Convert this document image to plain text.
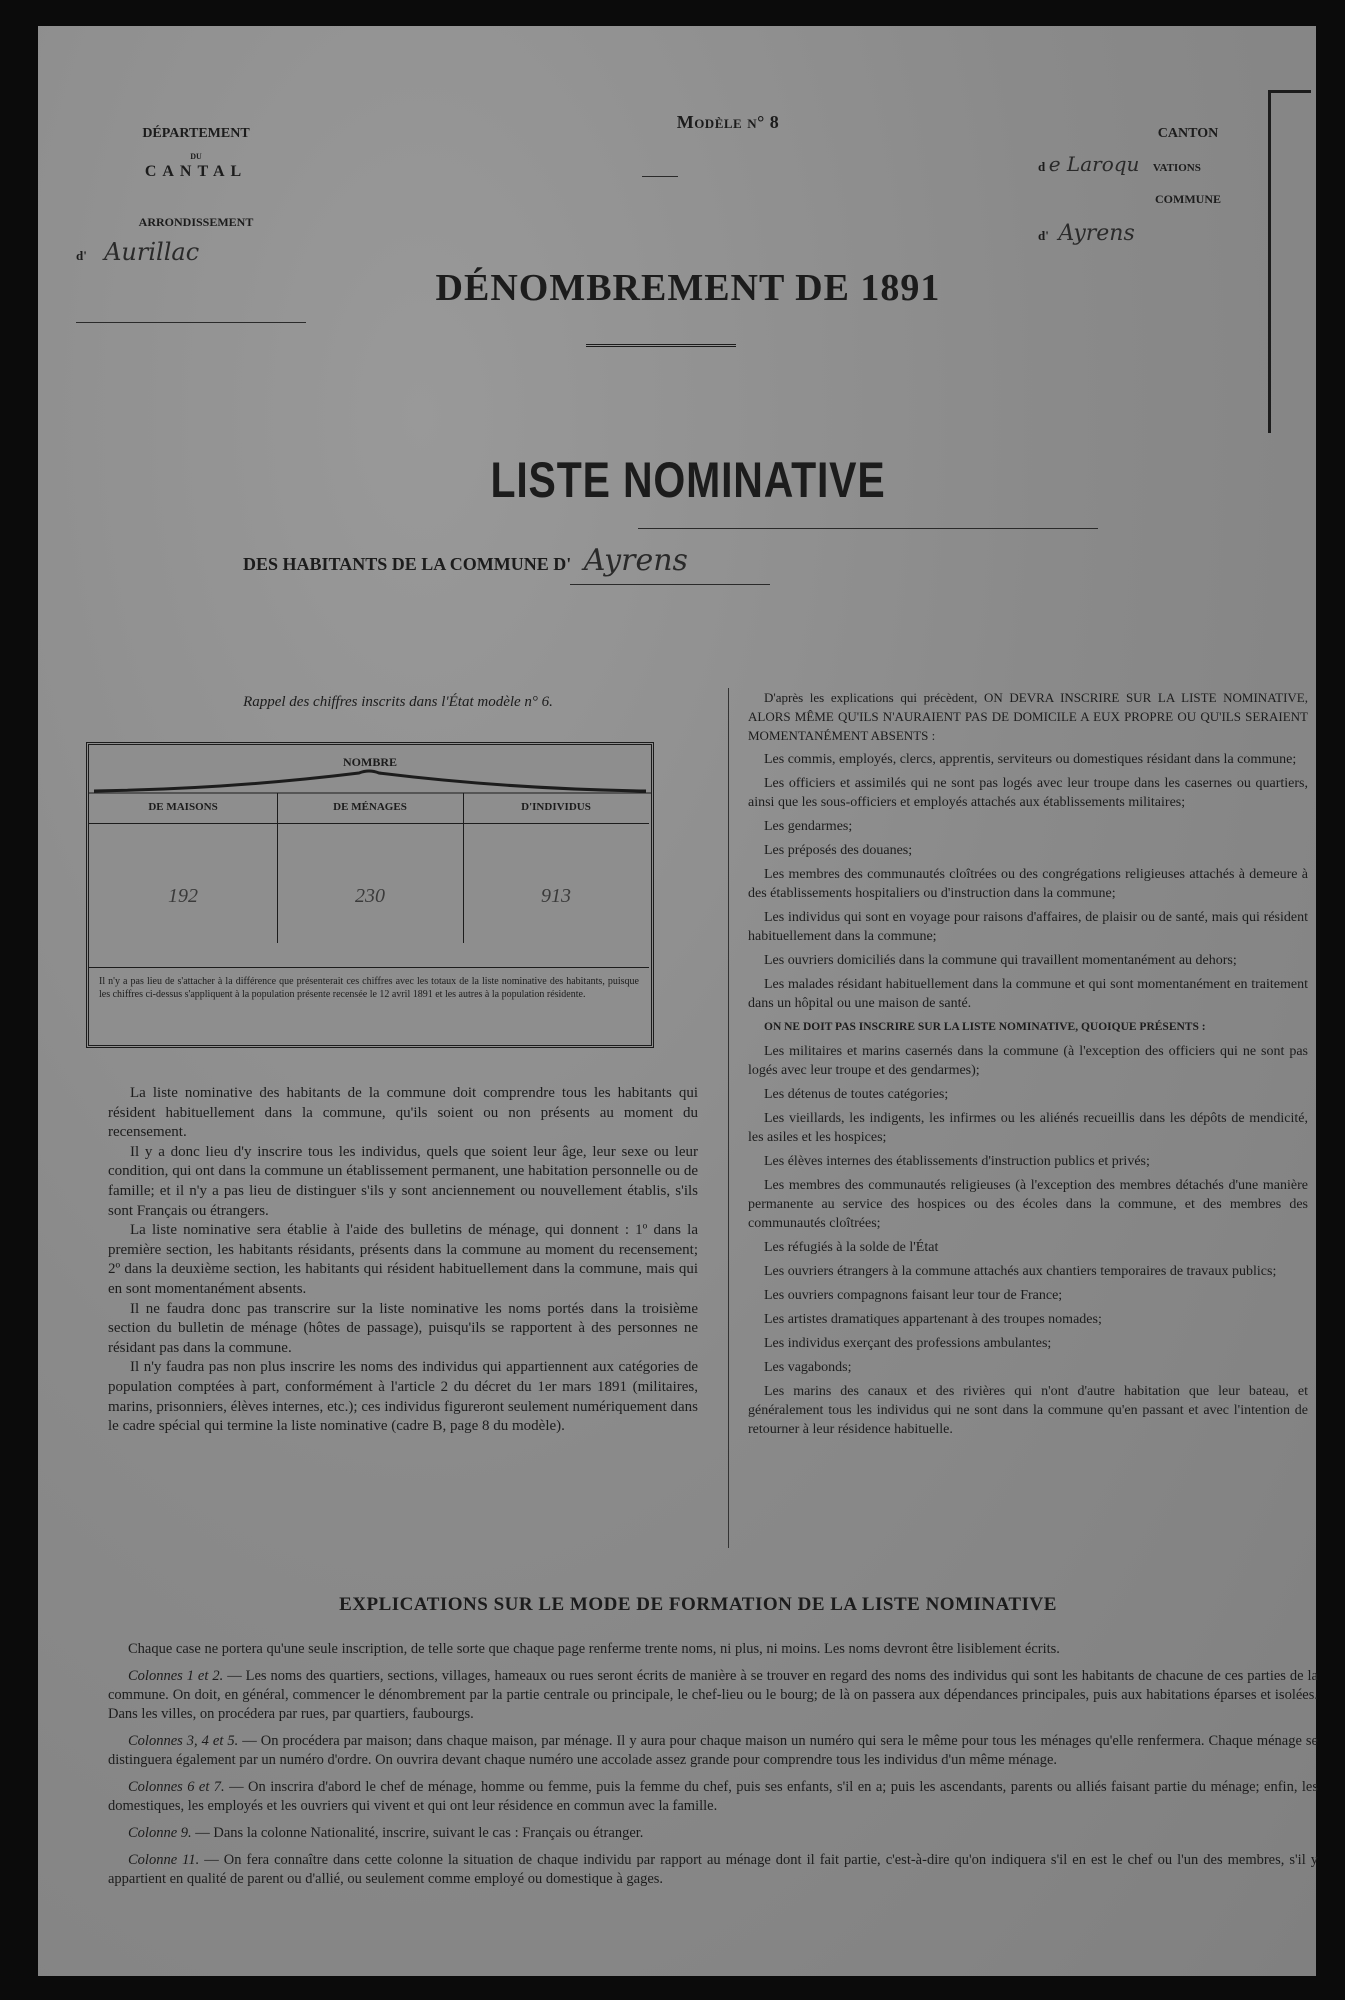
DÉPARTEMENT
DU
CANTAL
ARRONDISSEMENT
d' Aurillac
Modèle n° 8
CANTON
d e Laroqu VATIONS
COMMUNE
d' Ayrens
DÉNOMBREMENT DE 1891
LISTE NOMINATIVE
DES HABITANTS DE LA COMMUNE D' Ayrens
Rappel des chiffres inscrits dans l'État modèle n° 6.
NOMBRE
DE MAISONS	DE MÉNAGES	D'INDIVIDUS
192	230	913
Il n'y a pas lieu de s'attacher à la différence que présenterait ces chiffres avec les totaux de la liste nominative des habitants, puisque les chiffres ci-dessus s'appliquent à la population présente recensée le 12 avril 1891 et les autres à la population résidente.

La liste nominative des habitants de la commune doit comprendre tous les habitants qui résident habituellement dans la commune, qu'ils soient ou non présents au moment du recensement.

Il y a donc lieu d'y inscrire tous les individus, quels que soient leur âge, leur sexe ou leur condition, qui ont dans la commune un établissement permanent, une habitation personnelle ou de famille; et il n'y a pas lieu de distinguer s'ils y sont anciennement ou nouvellement établis, s'ils sont Français ou étrangers.

La liste nominative sera établie à l'aide des bulletins de ménage, qui donnent : 1º dans la première section, les habitants résidants, présents dans la commune au moment du recensement; 2º dans la deuxième section, les habitants qui résident habituellement dans la commune, mais qui en sont momentanément absents.

Il ne faudra donc pas transcrire sur la liste nominative les noms portés dans la troisième section du bulletin de ménage (hôtes de passage), puisqu'ils se rapportent à des personnes ne résidant pas dans la commune.

Il n'y faudra pas non plus inscrire les noms des individus qui appartiennent aux catégories de population comptées à part, conformément à l'article 2 du décret du 1er mars 1891 (militaires, marins, prisonniers, élèves internes, etc.); ces individus figureront seulement numériquement dans le cadre spécial qui termine la liste nominative (cadre B, page 8 du modèle).

D'après les explications qui précèdent, ON DEVRA INSCRIRE SUR LA LISTE NOMINATIVE, ALORS MÊME QU'ILS N'AURAIENT PAS DE DOMICILE A EUX PROPRE OU QU'ILS SERAIENT MOMENTANÉMENT ABSENTS :

Les commis, employés, clercs, apprentis, serviteurs ou domestiques résidant dans la commune;

Les officiers et assimilés qui ne sont pas logés avec leur troupe dans les casernes ou quartiers, ainsi que les sous-officiers et employés attachés aux établissements militaires;

Les gendarmes;

Les préposés des douanes;

Les membres des communautés cloîtrées ou des congrégations religieuses attachés à demeure à des établissements hospitaliers ou d'instruction dans la commune;

Les individus qui sont en voyage pour raisons d'affaires, de plaisir ou de santé, mais qui résident habituellement dans la commune;

Les ouvriers domiciliés dans la commune qui travaillent momentanément au dehors;

Les malades résidant habituellement dans la commune et qui sont momentanément en traitement dans un hôpital ou une maison de santé.

ON NE DOIT PAS INSCRIRE SUR LA LISTE NOMINATIVE, QUOIQUE PRÉSENTS :

Les militaires et marins casernés dans la commune (à l'exception des officiers qui ne sont pas logés avec leur troupe et des gendarmes);

Les détenus de toutes catégories;

Les vieillards, les indigents, les infirmes ou les aliénés recueillis dans les dépôts de mendicité, les asiles et les hospices;

Les élèves internes des établissements d'instruction publics et privés;

Les membres des communautés religieuses (à l'exception des membres détachés d'une manière permanente au service des hospices ou des écoles dans la commune, et des membres des communautés cloîtrées;

Les réfugiés à la solde de l'État

Les ouvriers étrangers à la commune attachés aux chantiers temporaires de travaux publics;

Les ouvriers compagnons faisant leur tour de France;

Les artistes dramatiques appartenant à des troupes nomades;

Les individus exerçant des professions ambulantes;

Les vagabonds;

Les marins des canaux et des rivières qui n'ont d'autre habitation que leur bateau, et généralement tous les individus qui ne sont dans la commune qu'en passant et avec l'intention de retourner à leur résidence habituelle.

EXPLICATIONS SUR LE MODE DE FORMATION DE LA LISTE NOMINATIVE

Chaque case ne portera qu'une seule inscription, de telle sorte que chaque page renferme trente noms, ni plus, ni moins. Les noms devront être lisiblement écrits.

Colonnes 1 et 2. — Les noms des quartiers, sections, villages, hameaux ou rues seront écrits de manière à se trouver en regard des noms des individus qui sont les habitants de chacune de ces parties de la commune. On doit, en général, commencer le dénombrement par la partie centrale ou principale, le chef-lieu ou le bourg; de là on passera aux dépendances principales, puis aux habitations éparses et isolées. Dans les villes, on procédera par rues, par quartiers, faubourgs.

Colonnes 3, 4 et 5. — On procédera par maison; dans chaque maison, par ménage. Il y aura pour chaque maison un numéro qui sera le même pour tous les ménages qu'elle renfermera. Chaque ménage se distinguera également par un numéro d'ordre. On ouvrira devant chaque numéro une accolade assez grande pour comprendre tous les individus d'un même ménage.

Colonnes 6 et 7. — On inscrira d'abord le chef de ménage, homme ou femme, puis la femme du chef, puis ses enfants, s'il en a; puis les ascendants, parents ou alliés faisant partie du ménage; enfin, les domestiques, les employés et les ouvriers qui vivent et qui ont leur résidence en commun avec la famille.

Colonne 9. — Dans la colonne Nationalité, inscrire, suivant le cas : Français ou étranger.

Colonne 11. — On fera connaître dans cette colonne la situation de chaque individu par rapport au ménage dont il fait partie, c'est-à-dire qu'on indiquera s'il en est le chef ou l'un des membres, s'il y appartient en qualité de parent ou d'allié, ou seulement comme employé ou domestique à gages.
